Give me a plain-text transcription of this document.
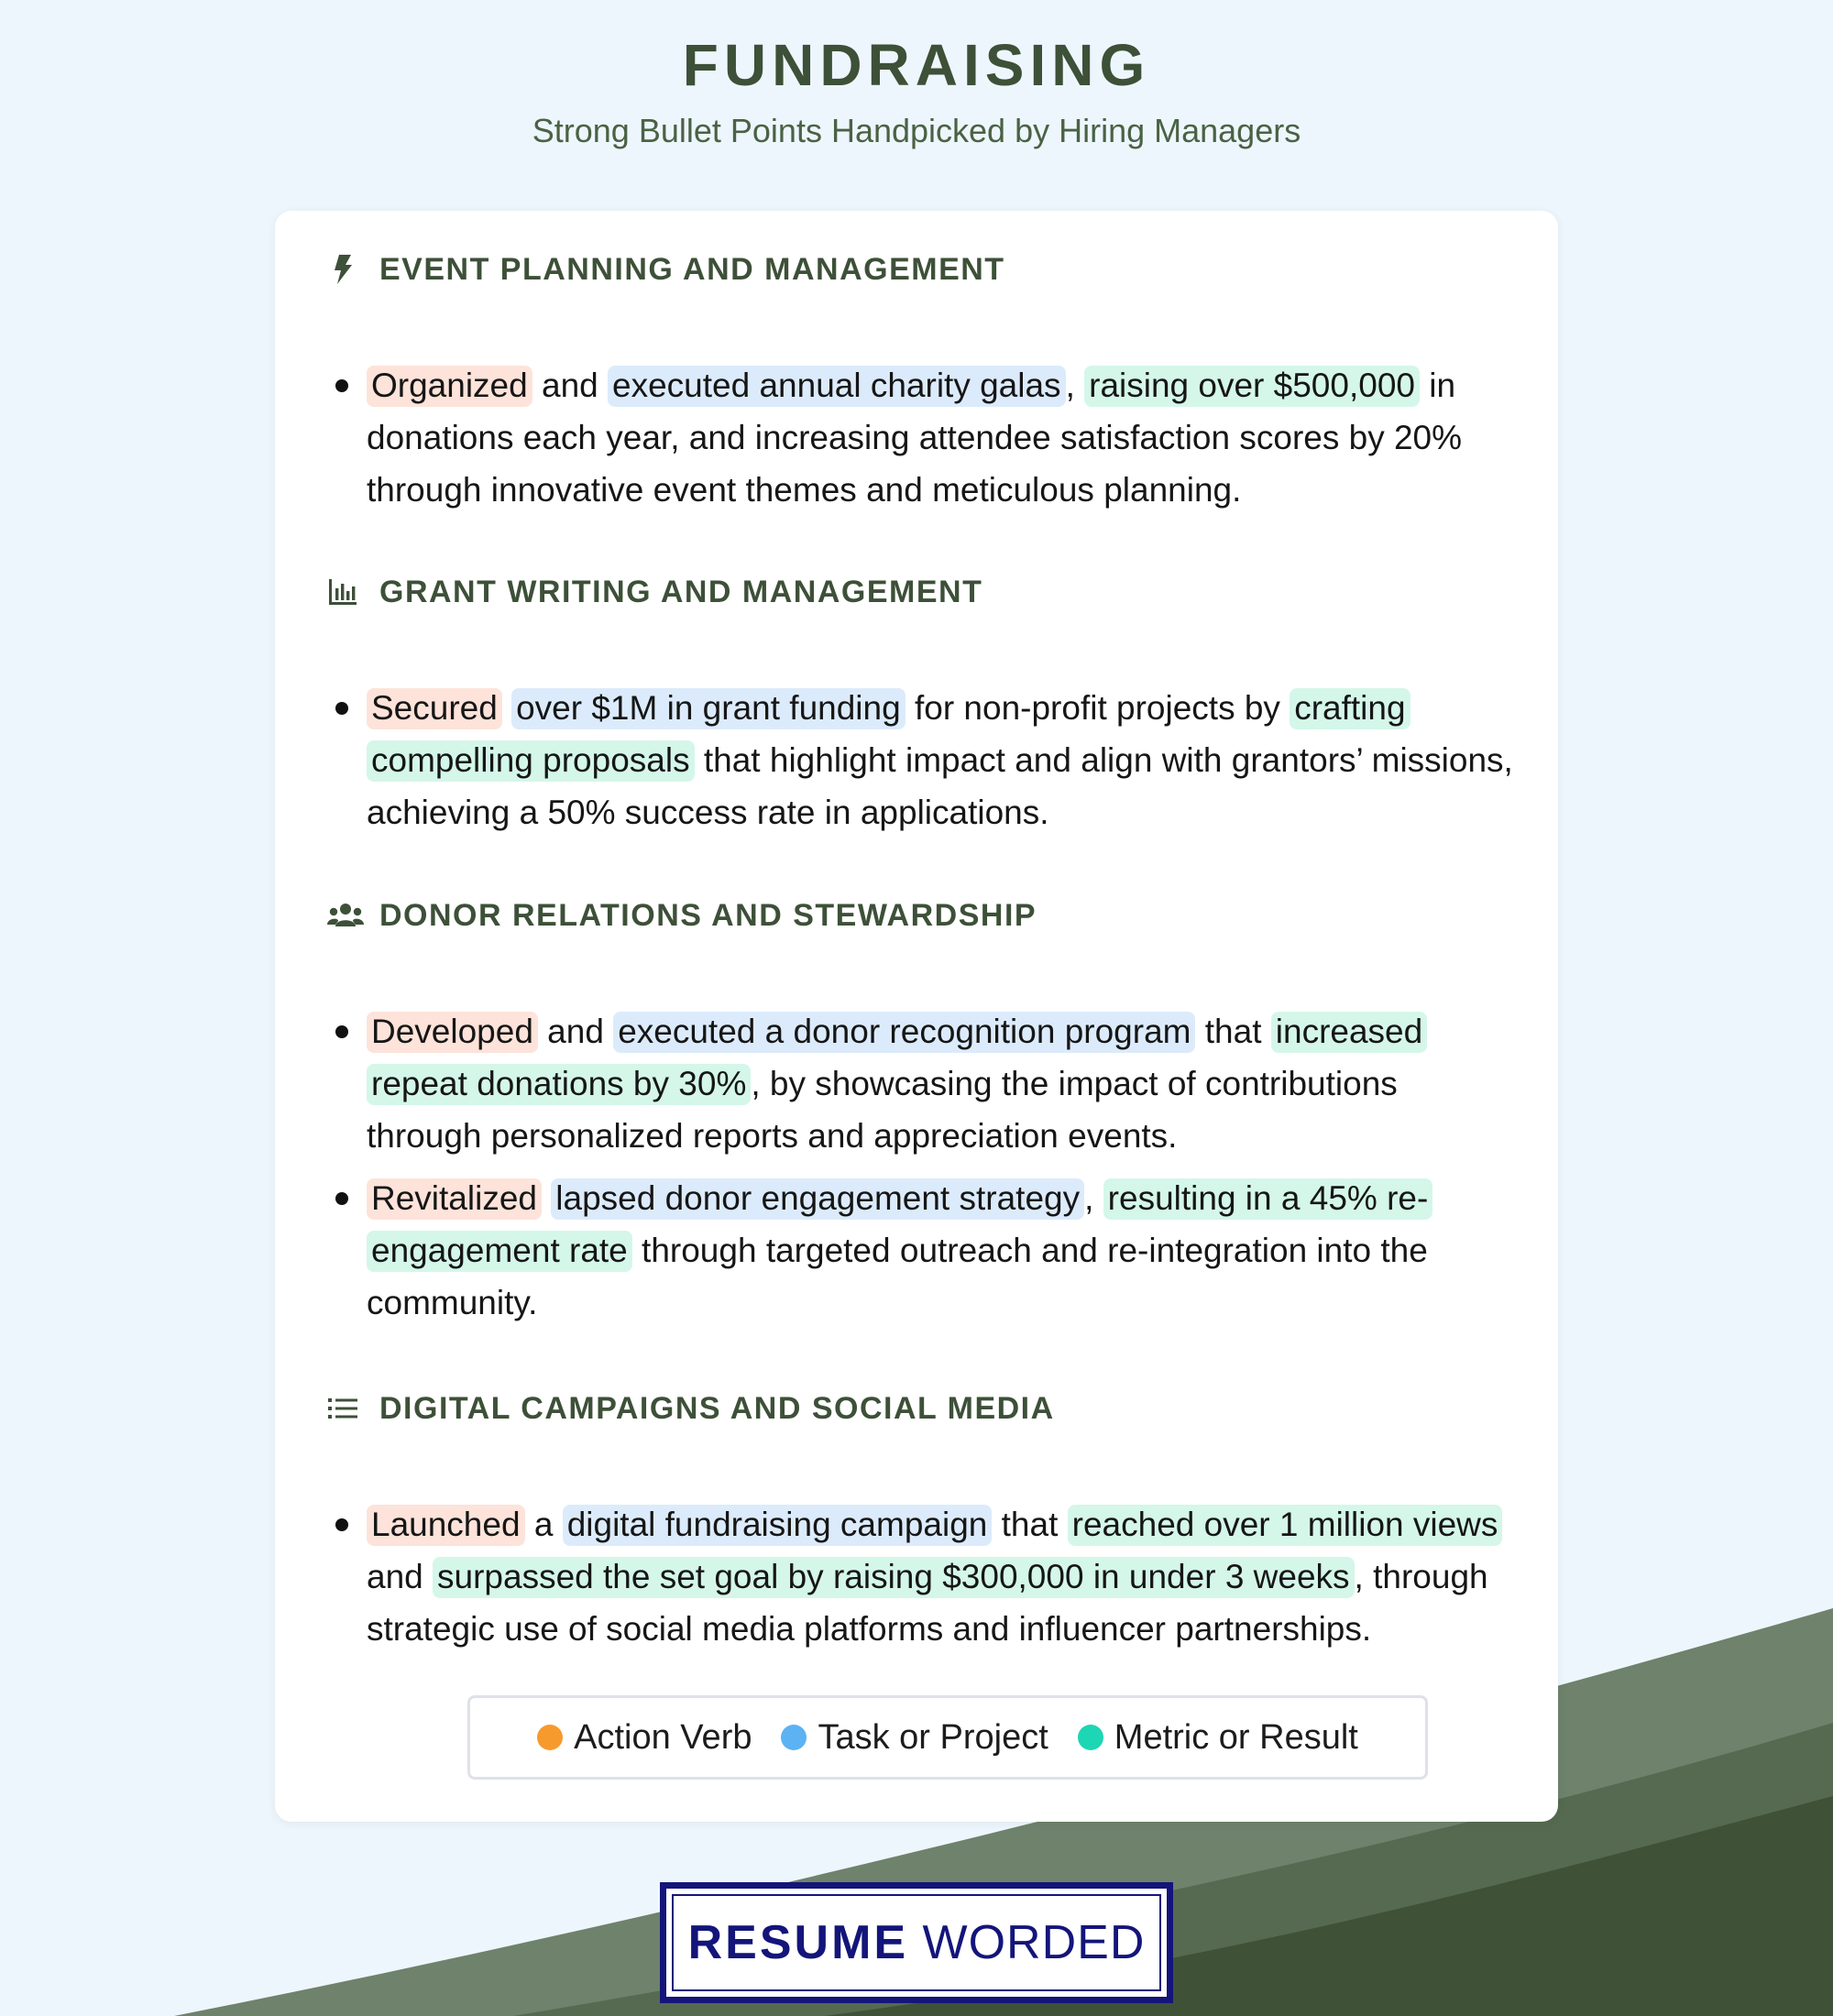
FUNDRAISING
Strong Bullet Points Handpicked by Hiring Managers
EVENT PLANNING AND MANAGEMENT
Organized and executed annual charity galas , raising over $500,000 in
donations each year, and increasing attendee satisfaction scores by 20%
through innovative event themes and meticulous planning.
GRANT WRITING AND MANAGEMENT
Secured over $1M in grant funding for non-profit projects by crafting
compelling proposals that highlight impact and align with grantors’ missions,
achieving a 50% success rate in applications.
DONOR RELATIONS AND STEWARDSHIP
Developed and executed a donor recognition program that increased
repeat donations by 30% , by showcasing the impact of contributions
through personalized reports and appreciation events.
Revitalized lapsed donor engagement strategy , resulting in a 45% re-
engagement rate through targeted outreach and re-integration into the
community.
DIGITAL CAMPAIGNS AND SOCIAL MEDIA
Launched a digital fundraising campaign that reached over 1 million views
and surpassed the set goal by raising $300,000 in under 3 weeks , through
strategic use of social media platforms and influencer partnerships.
Action Verb Task or Project Metric or Result
RESUME WORDED
